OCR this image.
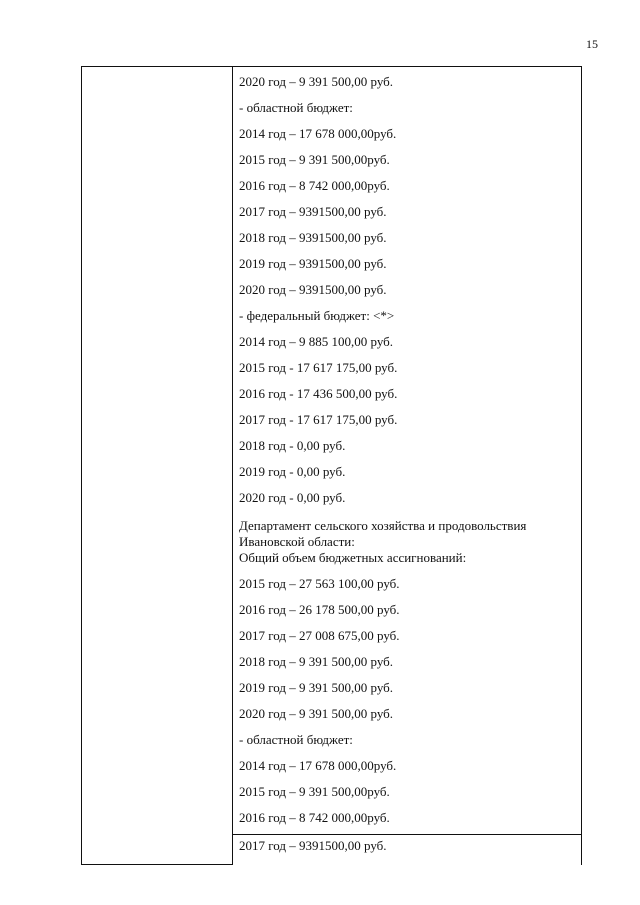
15
2020 год – 9 391 500,00 руб.
- областной бюджет:
2014 год – 17 678 000,00руб.
2015 год – 9 391 500,00руб.
2016 год – 8 742 000,00руб.
2017 год – 9391500,00 руб.
2018 год – 9391500,00 руб.
2019 год – 9391500,00 руб.
2020 год – 9391500,00 руб.
- федеральный бюджет: <*>
2014 год – 9 885 100,00 руб.
2015 год - 17 617 175,00 руб.
2016 год - 17 436 500,00 руб.
2017 год - 17 617 175,00 руб.
2018 год - 0,00 руб.
2019 год - 0,00 руб.
2020 год - 0,00 руб.
Департамент сельского хозяйства и продовольствия
Ивановской области:
Общий объем бюджетных ассигнований:
2015 год – 27 563 100,00 руб.
2016 год – 26 178 500,00 руб.
2017 год – 27 008 675,00 руб.
2018 год – 9 391 500,00 руб.
2019 год – 9 391 500,00 руб.
2020 год – 9 391 500,00 руб.
- областной бюджет:
2014 год – 17 678 000,00руб.
2015 год – 9 391 500,00руб.
2016 год – 8 742 000,00руб.
2017 год – 9391500,00 руб.
